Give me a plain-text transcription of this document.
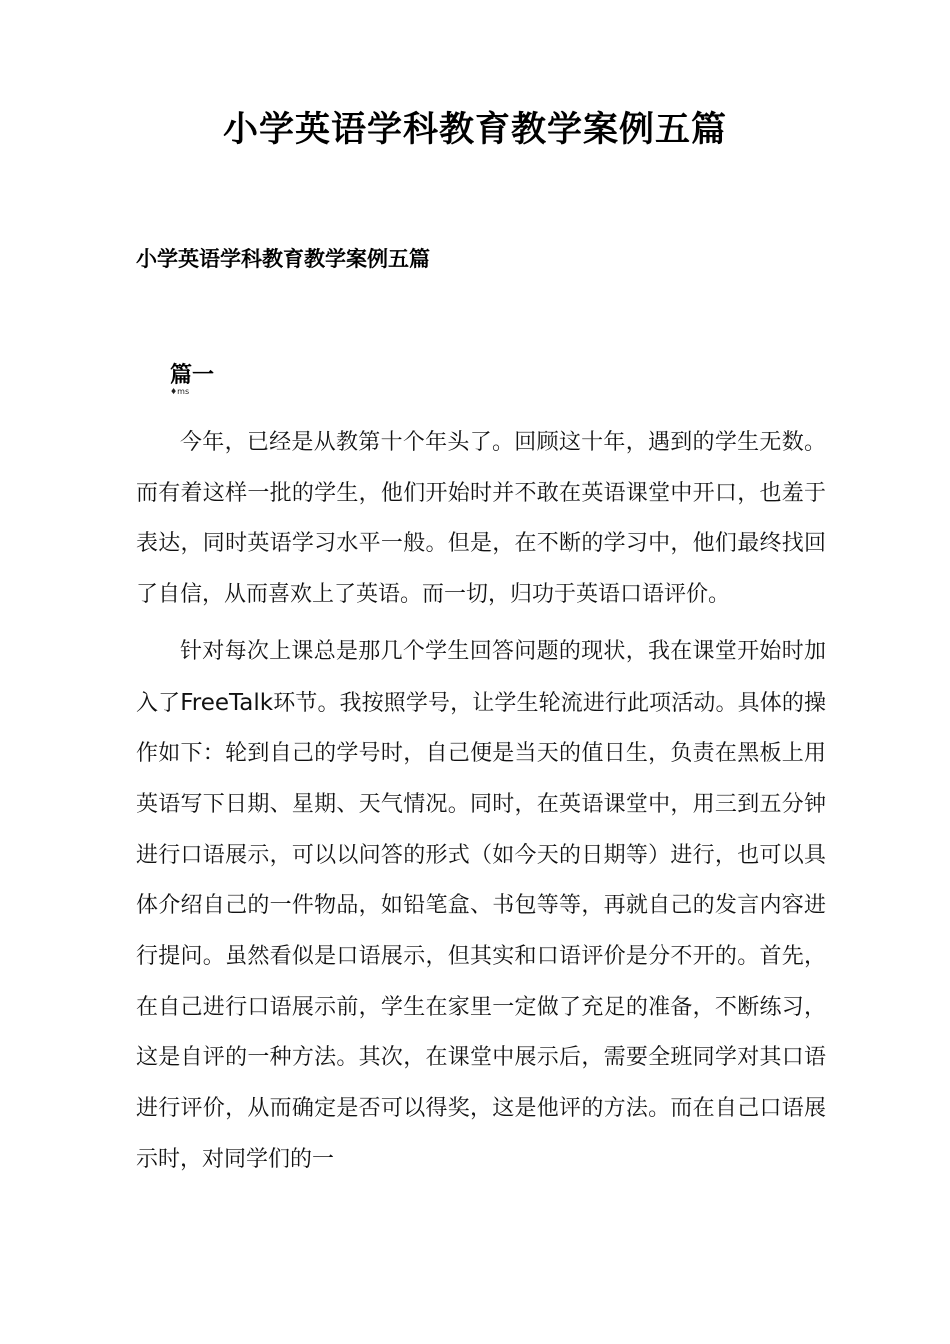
小学英语学科教育教学案例五篇
小学英语学科教育教学案例五篇
篇一
♦ms

今年，已经是从教第十个年头了。回顾这十年，遇到的学生无数。而有着这样一批的学生，他们开始时并不敢在英语课堂中开口，也羞于表达，同时英语学习水平一般。但是，在不断的学习中，他们最终找回了自信，从而喜欢上了英语。而一切，归功于英语口语评价。

针对每次上课总是那几个学生回答问题的现状，我在课堂开始时加入了FreeTalk环节。我按照学号，让学生轮流进行此项活动。具体的操作如下：轮到自己的学号时，自己便是当天的值日生，负责在黑板上用英语写下日期、星期、天气情况。同时，在英语课堂中，用三到五分钟进行口语展示，可以以问答的形式（如今天的日期等）进行，也可以具体介绍自己的一件物品，如铅笔盒、书包等等，再就自己的发言内容进行提问。虽然看似是口语展示，但其实和口语评价是分不开的。首先，在自己进行口语展示前，学生在家里一定做了充足的准备，不断练习，这是自评的一种方法。其次，在课堂中展示后，需要全班同学对其口语进行评价，从而确定是否可以得奖，这是他评的方法。而在自己口语展示时，对同学们的一
